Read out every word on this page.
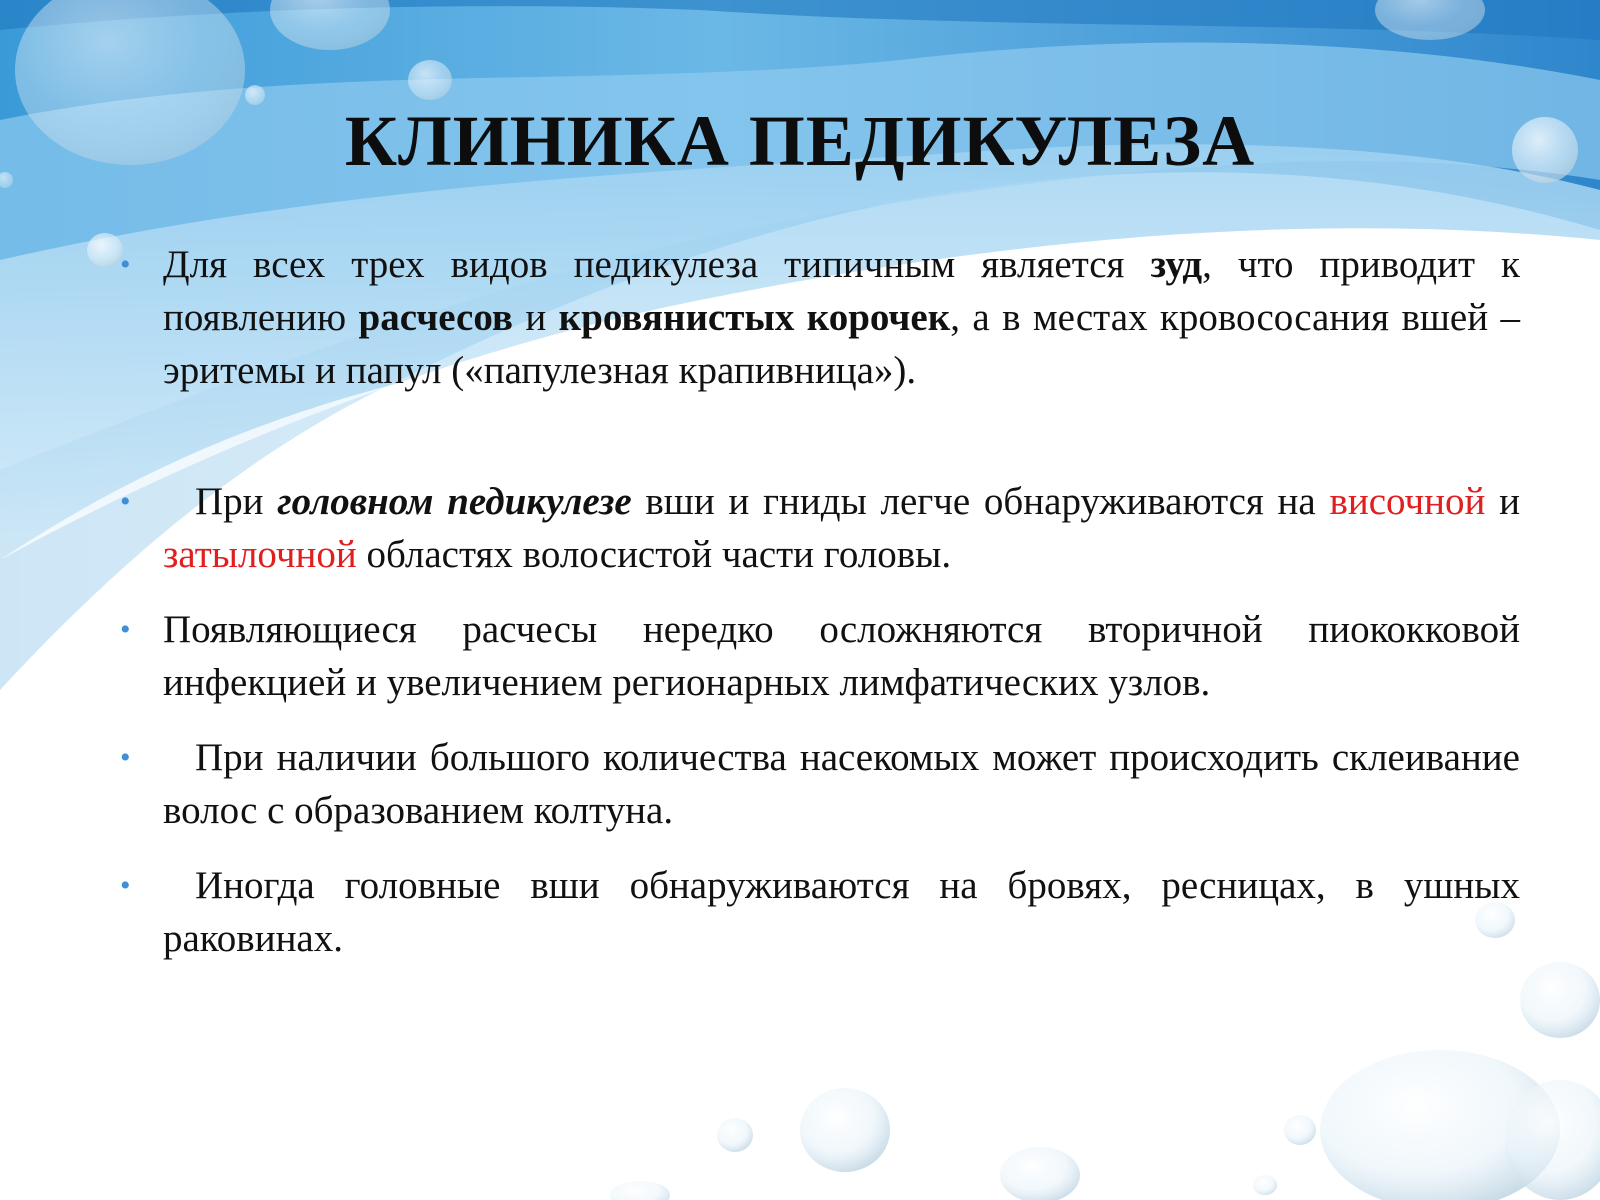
КЛИНИКА ПЕДИКУЛЕЗА

• Для всех трех видов педикулеза типичным является зуд, что приводит к появлению расчесов и кровянистых корочек, а в местах кровососания вшей – эритемы и папул («папулезная крапивница»).

• При головном педикулезе вши и гниды легче обнаруживаются на височной и затылочной областях волосистой части головы.

• Появляющиеся расчесы нередко осложняются вторичной пиококковой инфекцией и увеличением регионарных лимфатических узлов.

• При наличии большого количества насекомых может происходить склеивание волос с образованием колтуна.

• Иногда головные вши обнаруживаются на бровях, ресницах, в ушных раковинах.
